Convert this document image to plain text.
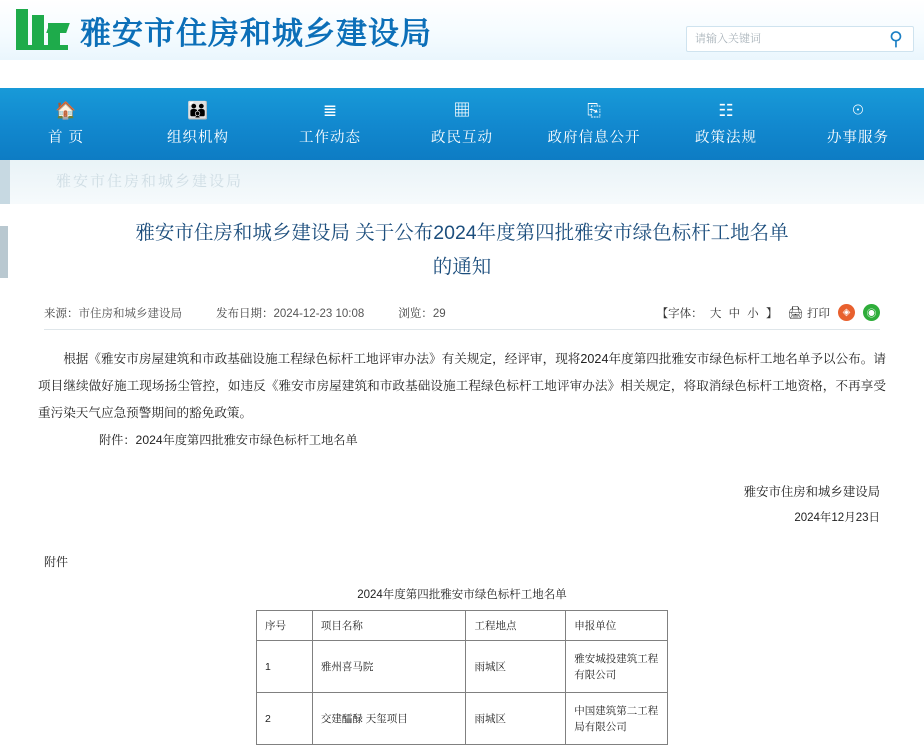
雅安市住房和城乡建设局
请输入关键词	⚲
🏠
首 页
👪
组织机构
≣
工作动态
▦
政民互动
⎘
政府信息公开
☷
政策法规
☉
办事服务
雅安市住房和城乡建设局
雅安市住房和城乡建设局 关于公布2024年度第四批雅安市绿色标杆工地名单的通知
来源：市住房和城乡建设局	发布日期：2024-12-23 10:08	浏览：29	【字体： 大 中 小 】 🖨 打印	◈	◉

根据《雅安市房屋建筑和市政基础设施工程绿色标杆工地评审办法》有关规定，经评审，现将2024年度第四批雅安市绿色标杆工地名单予以公布。请项目继续做好施工现场扬尘管控，如违反《雅安市房屋建筑和市政基础设施工程绿色标杆工地评审办法》相关规定，将取消绿色标杆工地资格，不再享受重污染天气应急预警期间的豁免政策。

附件：2024年度第四批雅安市绿色标杆工地名单

雅安市住房和城乡建设局
2024年12月23日
附件
2024年度第四批雅安市绿色标杆工地名单
序号	项目名称	工程地点	申报单位
1	雅州喜马院	雨城区	雅安城投建筑工程有限公司
2	交建醽醁 天玺项目	雨城区	中国建筑第二工程局有限公司
